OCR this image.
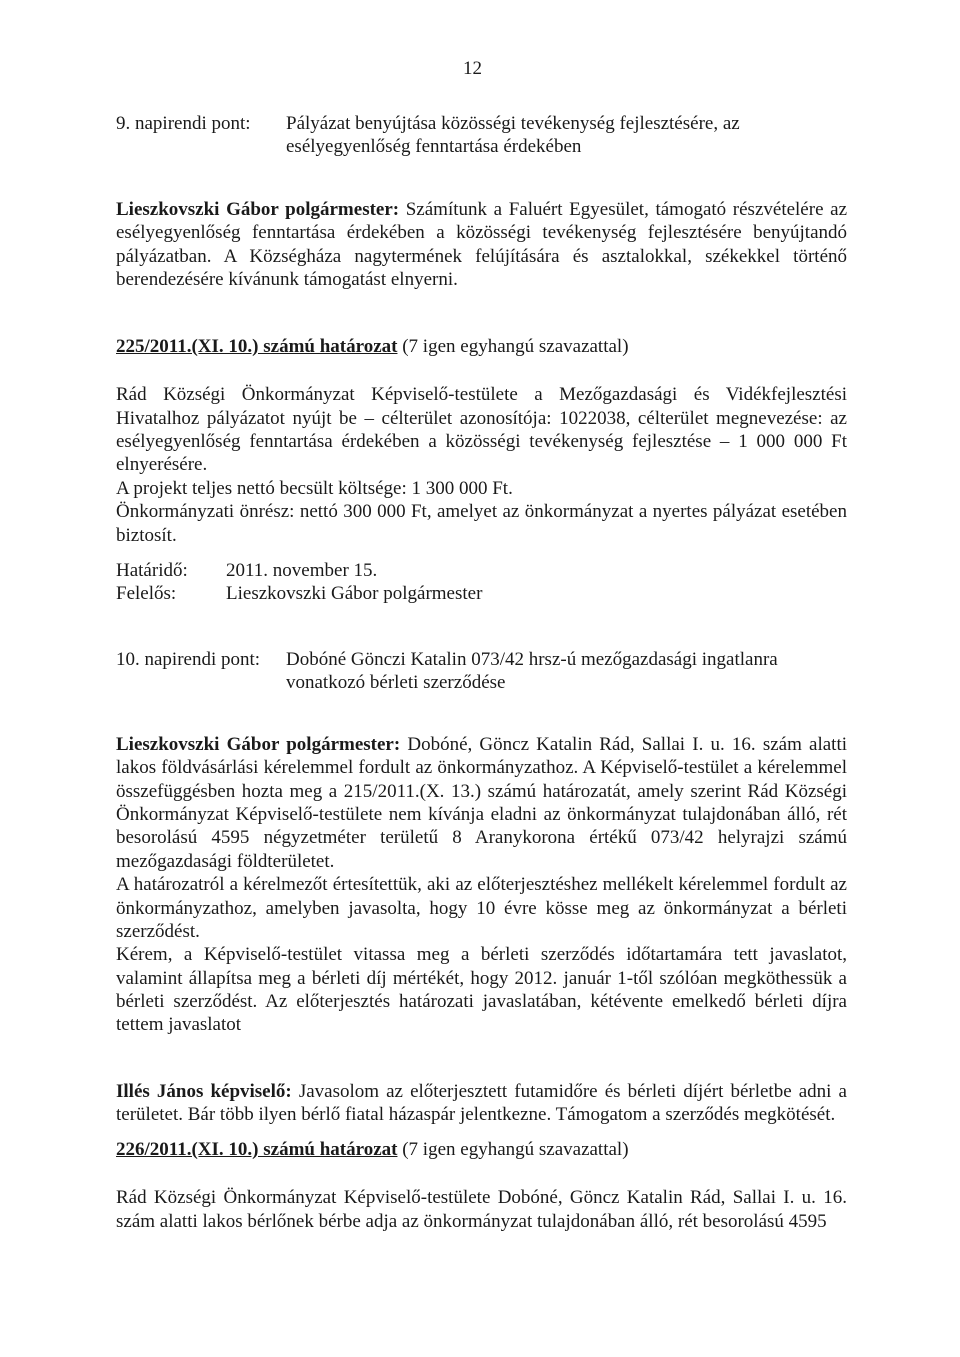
12
9. napirendi pont:	Pályázat benyújtása közösségi tevékenység fejlesztésére, az esélyegyenlőség fenntartása érdekében

Lieszkovszki Gábor polgármester: Számítunk a Faluért Egyesület, támogató részvételére az esélyegyenlőség fenntartása érdekében a közösségi tevékenység fejlesztésére benyújtandó pályázatban. A Községháza nagytermének felújítására és asztalokkal, székekkel történő berendezésére kívánunk támogatást elnyerni.

225/2011.(XI. 10.) számú határozat (7 igen egyhangú szavazattal)

Rád Községi Önkormányzat Képviselő-testülete a Mezőgazdasági és Vidékfejlesztési Hivatalhoz pályázatot nyújt be – célterület azonosítója: 1022038, célterület megnevezése: az esélyegyenlőség fenntartása érdekében a közösségi tevékenység fejlesztése – 1 000 000 Ft elnyerésére.

A projekt teljes nettó becsült költsége: 1 300 000 Ft.

Önkormányzati önrész: nettó 300 000 Ft, amelyet az önkormányzat a nyertes pályázat esetében biztosít.

Határidő:	2011. november 15.
Felelős:	Lieszkovszki Gábor polgármester
10. napirendi pont:	Dobóné Gönczi Katalin 073/42 hrsz-ú mezőgazdasági ingatlanra vonatkozó bérleti szerződése

Lieszkovszki Gábor polgármester: Dobóné, Göncz Katalin Rád, Sallai I. u. 16. szám alatti lakos földvásárlási kérelemmel fordult az önkormányzathoz. A Képviselő-testület a kérelemmel összefüggésben hozta meg a 215/2011.(X. 13.) számú határozatát, amely szerint Rád Községi Önkormányzat Képviselő-testülete nem kívánja eladni az önkormányzat tulajdonában álló, rét besorolású 4595 négyzetméter területű 8 Aranykorona értékű 073/42 helyrajzi számú mezőgazdasági földterületet.

A határozatról a kérelmezőt értesítettük, aki az előterjesztéshez mellékelt kérelemmel fordult az önkormányzathoz, amelyben javasolta, hogy 10 évre kösse meg az önkormányzat a bérleti szerződést.

Kérem, a Képviselő-testület vitassa meg a bérleti szerződés időtartamára tett javaslatot, valamint állapítsa meg a bérleti díj mértékét, hogy 2012. január 1-től szólóan megköthessük a bérleti szerződést. Az előterjesztés határozati javaslatában, kétévente emelkedő bérleti díjra tettem javaslatot

Illés János képviselő: Javasolom az előterjesztett futamidőre és bérleti díjért bérletbe adni a területet. Bár több ilyen bérlő fiatal házaspár jelentkezne. Támogatom a szerződés megkötését.

226/2011.(XI. 10.) számú határozat (7 igen egyhangú szavazattal)

Rád Községi Önkormányzat Képviselő-testülete Dobóné, Göncz Katalin Rád, Sallai I. u. 16. szám alatti lakos bérlőnek bérbe adja az önkormányzat tulajdonában álló, rét besorolású 4595
